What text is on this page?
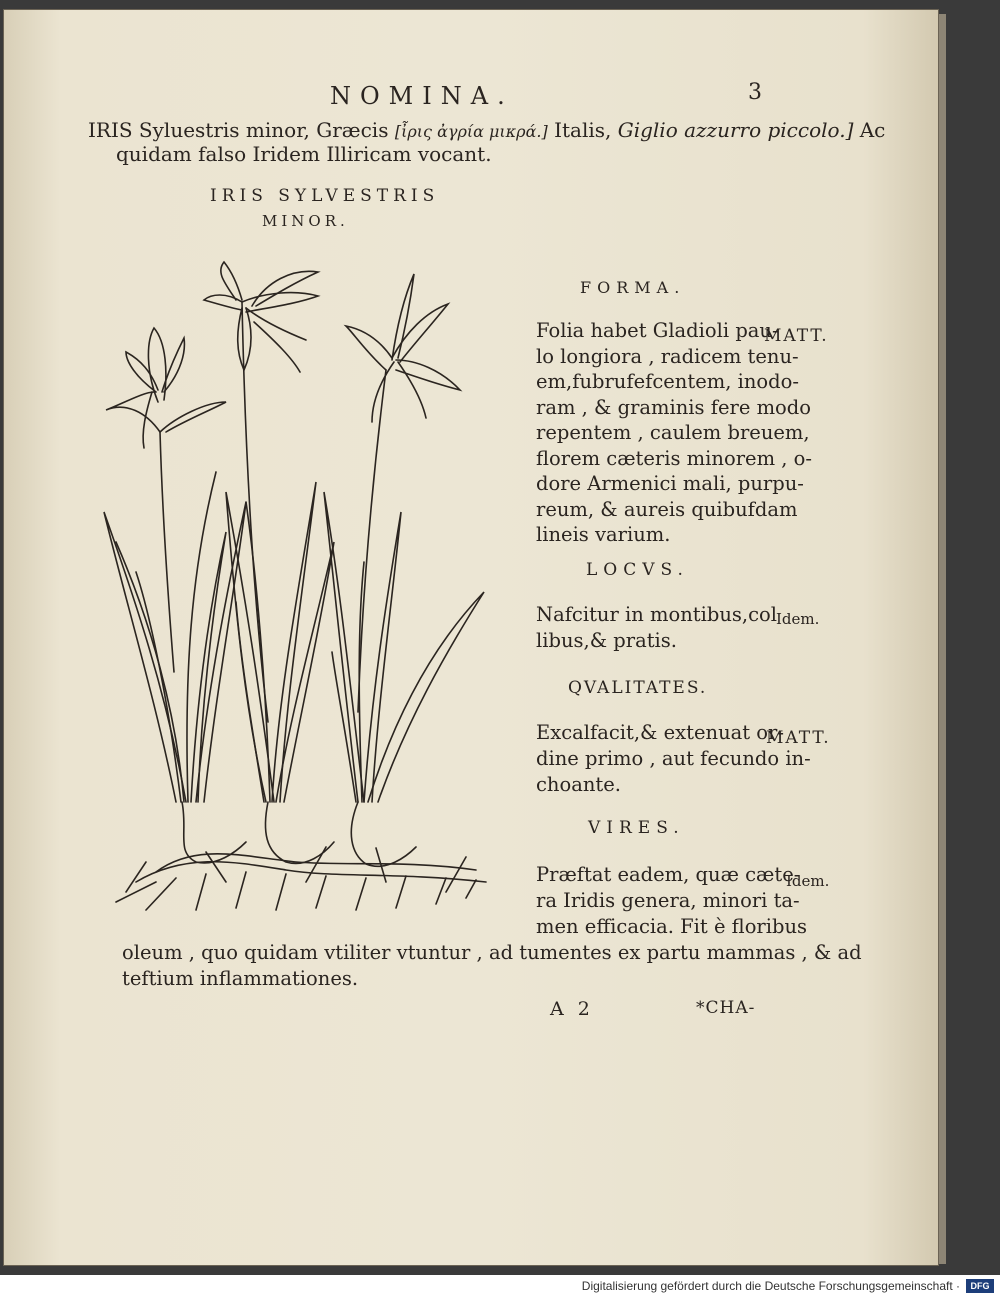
NOMINA.	3
IRIS Syluestris minor, Græcis [ἶρις ἀγρία μικρά.] Italis, Giglio azzurro piccolo.] Ac
quidam falso Iridem Illiricam vocant.
IRIS SYLVESTRIS
MINOR.
FORMA.
MATT.
Folia habet Gladioli pau-
lo longiora , radicem tenu-
em,fubrufefcentem, inodo-
ram , & graminis fere modo
repentem , caulem breuem,
florem cæteris minorem , o-
dore Armenici mali, purpu-
reum, & aureis quibufdam
lineis varium.
LOCVS.
Idem.
Nafcitur in montibus,col
libus,& pratis.
QVALITATES.
MATT.
Excalfacit,& extenuat or-
dine primo , aut fecundo in-
choante.
VIRES.
Idem.
Præftat eadem, quæ cæte-
ra Iridis genera, minori ta-
men efficacia. Fit è floribus
oleum , quo quidam vtiliter vtuntur , ad tumentes ex partu mammas , & ad
teftium inflammationes.
A 2	*CHA-
Digitalisierung gefördert durch die Deutsche Forschungsgemeinschaft ·	DFG
